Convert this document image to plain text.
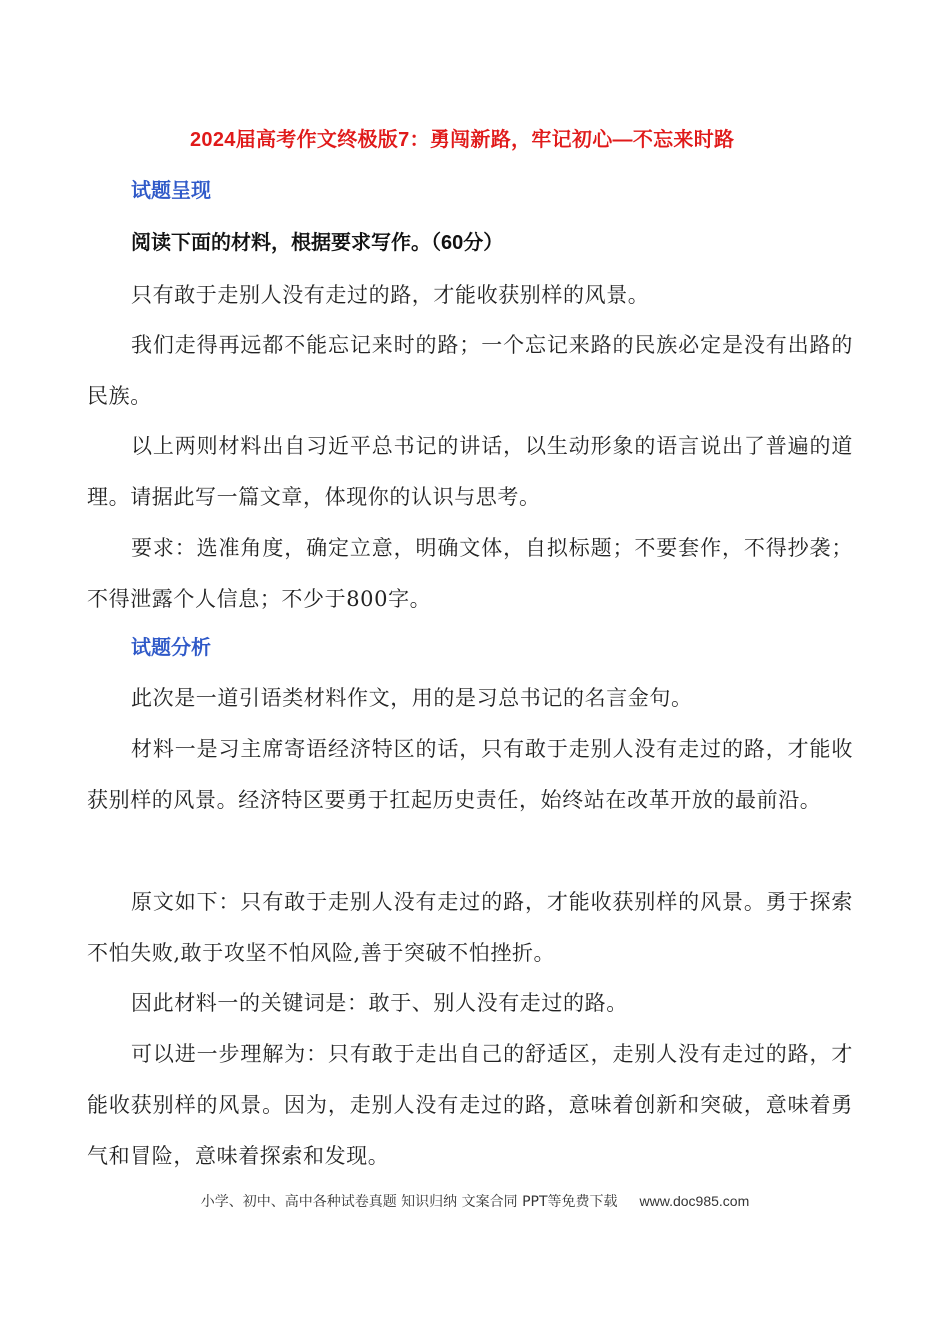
2024届高考作文终极版7：勇闯新路，牢记初心—不忘来时路
试题呈现
阅读下面的材料，根据要求写作。（60分）

只有敢于走别人没有走过的路，才能收获别样的风景。

我们走得再远都不能忘记来时的路；一个忘记来路的民族必定是没有出路的民族。

以上两则材料出自习近平总书记的讲话，以生动形象的语言说出了普遍的道理。请据此写一篇文章，体现你的认识与思考。

要求：选准角度，确定立意，明确文体，自拟标题；不要套作，不得抄袭；不得泄露个人信息；不少于800字。

试题分析

此次是一道引语类材料作文，用的是习总书记的名言金句。

材料一是习主席寄语经济特区的话，只有敢于走别人没有走过的路，才能收获别样的风景。经济特区要勇于扛起历史责任，始终站在改革开放的最前沿。

原文如下：只有敢于走别人没有走过的路，才能收获别样的风景。勇于探索不怕失败,敢于攻坚不怕风险,善于突破不怕挫折。

因此材料一的关键词是：敢于、别人没有走过的路。

可以进一步理解为：只有敢于走出自己的舒适区，走别人没有走过的路，才能收获别样的风景。因为，走别人没有走过的路，意味着创新和突破，意味着勇气和冒险，意味着探索和发现。

小学、初中、高中各种试卷真题 知识归纳 文案合同 PPT等免费下载 www.doc985.com
